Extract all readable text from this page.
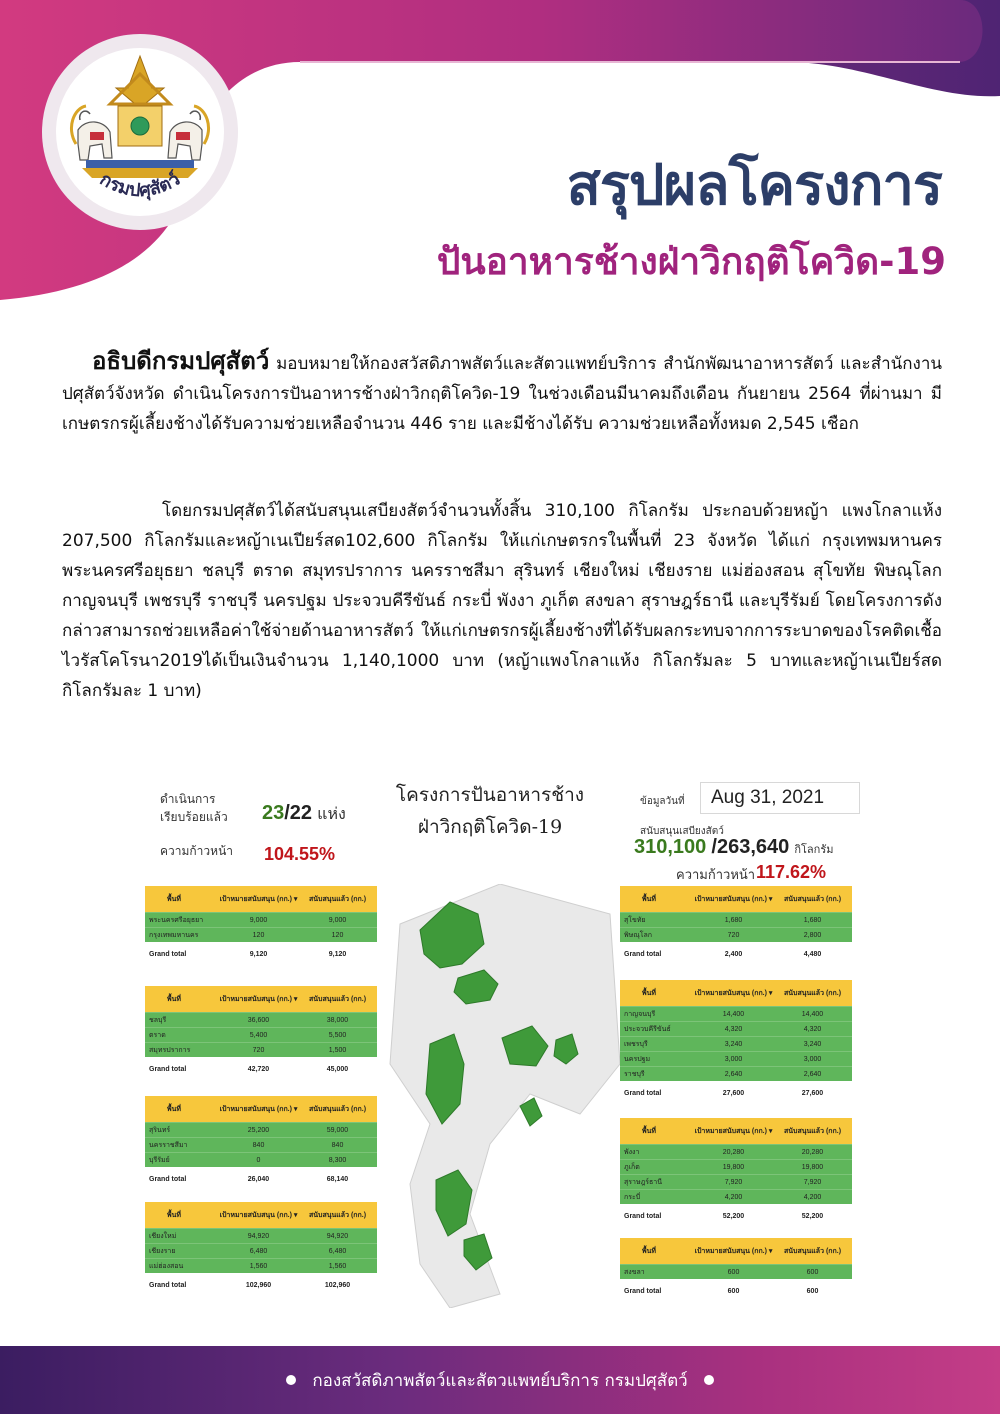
กรมปศุสัตว์	สรุปผลโครงการ
ปันอาหารช้างฝ่าวิกฤติโควิด-19
อธิบดีกรมปศุสัตว์ มอบหมายให้กองสวัสดิภาพสัตว์และสัตวแพทย์บริการ สำนักพัฒนาอาหารสัตว์ และสำนักงานปศุสัตว์จังหวัด ดำเนินโครงการปันอาหารช้างฝ่าวิกฤติโควิด-19 ในช่วงเดือนมีนาคมถึงเดือน กันยายน 2564 ที่ผ่านมา มีเกษตรกรผู้เลี้ยงช้างได้รับความช่วยเหลือจำนวน 446 ราย และมีช้างได้รับ ความช่วยเหลือทั้งหมด 2,545 เชือก
โดยกรมปศุสัตว์ได้สนับสนุนเสบียงสัตว์จำนวนทั้งสิ้น 310,100 กิโลกรัม ประกอบด้วยหญ้า แพงโกลาแห้ง 207,500 กิโลกรัมและหญ้าเนเปียร์สด102,600 กิโลกรัม ให้แก่เกษตรกรในพื้นที่ 23 จังหวัด ได้แก่ กรุงเทพมหานคร พระนครศรีอยุธยา ชลบุรี ตราด สมุทรปราการ นครราชสีมา สุรินทร์ เชียงใหม่ เชียงราย แม่ฮ่องสอน สุโขทัย พิษณุโลก กาญจนบุรี เพชรบุรี ราชบุรี นครปฐม ประจวบคีรีขันธ์ กระบี่ พังงา ภูเก็ต สงขลา สุราษฎร์ธานี และบุรีรัมย์ โดยโครงการดังกล่าวสามารถช่วยเหลือค่าใช้จ่ายด้านอาหารสัตว์ ให้แก่เกษตรกรผู้เลี้ยงช้างที่ได้รับผลกระทบจากการระบาดของโรคติดเชื้อไวรัสโคโรนา2019ได้เป็นเงินจำนวน 1,140,1000 บาท (หญ้าแพงโกลาแห้ง กิโลกรัมละ 5 บาทและหญ้าเนเปียร์สด กิโลกรัมละ 1 บาท)
ดำเนินการ
เรียบร้อยแล้ว 23/22 แห่ง
ความก้าวหน้า 104.55%
โครงการปันอาหารช้าง
ฝ่าวิกฤติโควิด-19
ข้อมูลวันที่	Aug 31, 2021
สนับสนุนเสบียงสัตว์
310,100 /263,640 กิโลกรัม
ความก้าวหน้า 117.62%
พื้นที่	เป้าหมายสนับสนุน (กก.) ▾	สนับสนุนแล้ว (กก.)
พระนครศรีอยุธยา	9,000	9,000
กรุงเทพมหานคร	120	120
Grand total	9,120	9,120
พื้นที่	เป้าหมายสนับสนุน (กก.) ▾	สนับสนุนแล้ว (กก.)
ชลบุรี	36,600	38,000
ตราด	5,400	5,500
สมุทรปราการ	720	1,500
Grand total	42,720	45,000
พื้นที่	เป้าหมายสนับสนุน (กก.) ▾	สนับสนุนแล้ว (กก.)
สุรินทร์	25,200	59,000
นครราชสีมา	840	840
บุรีรัมย์	0	8,300
Grand total	26,040	68,140
พื้นที่	เป้าหมายสนับสนุน (กก.) ▾	สนับสนุนแล้ว (กก.)
เชียงใหม่	94,920	94,920
เชียงราย	6,480	6,480
แม่ฮ่องสอน	1,560	1,560
Grand total	102,960	102,960
พื้นที่	เป้าหมายสนับสนุน (กก.) ▾	สนับสนุนแล้ว (กก.)
สุโขทัย	1,680	1,680
พิษณุโลก	720	2,800
Grand total	2,400	4,480
พื้นที่	เป้าหมายสนับสนุน (กก.) ▾	สนับสนุนแล้ว (กก.)
กาญจนบุรี	14,400	14,400
ประจวบคีรีขันธ์	4,320	4,320
เพชรบุรี	3,240	3,240
นครปฐม	3,000	3,000
ราชบุรี	2,640	2,640
Grand total	27,600	27,600
พื้นที่	เป้าหมายสนับสนุน (กก.) ▾	สนับสนุนแล้ว (กก.)
พังงา	20,280	20,280
ภูเก็ต	19,800	19,800
สุราษฎร์ธานี	7,920	7,920
กระบี่	4,200	4,200
Grand total	52,200	52,200
พื้นที่	เป้าหมายสนับสนุน (กก.) ▾	สนับสนุนแล้ว (กก.)
สงขลา	600	600
Grand total	600	600
กองสวัสดิภาพสัตว์และสัตวแพทย์บริการ กรมปศุสัตว์
